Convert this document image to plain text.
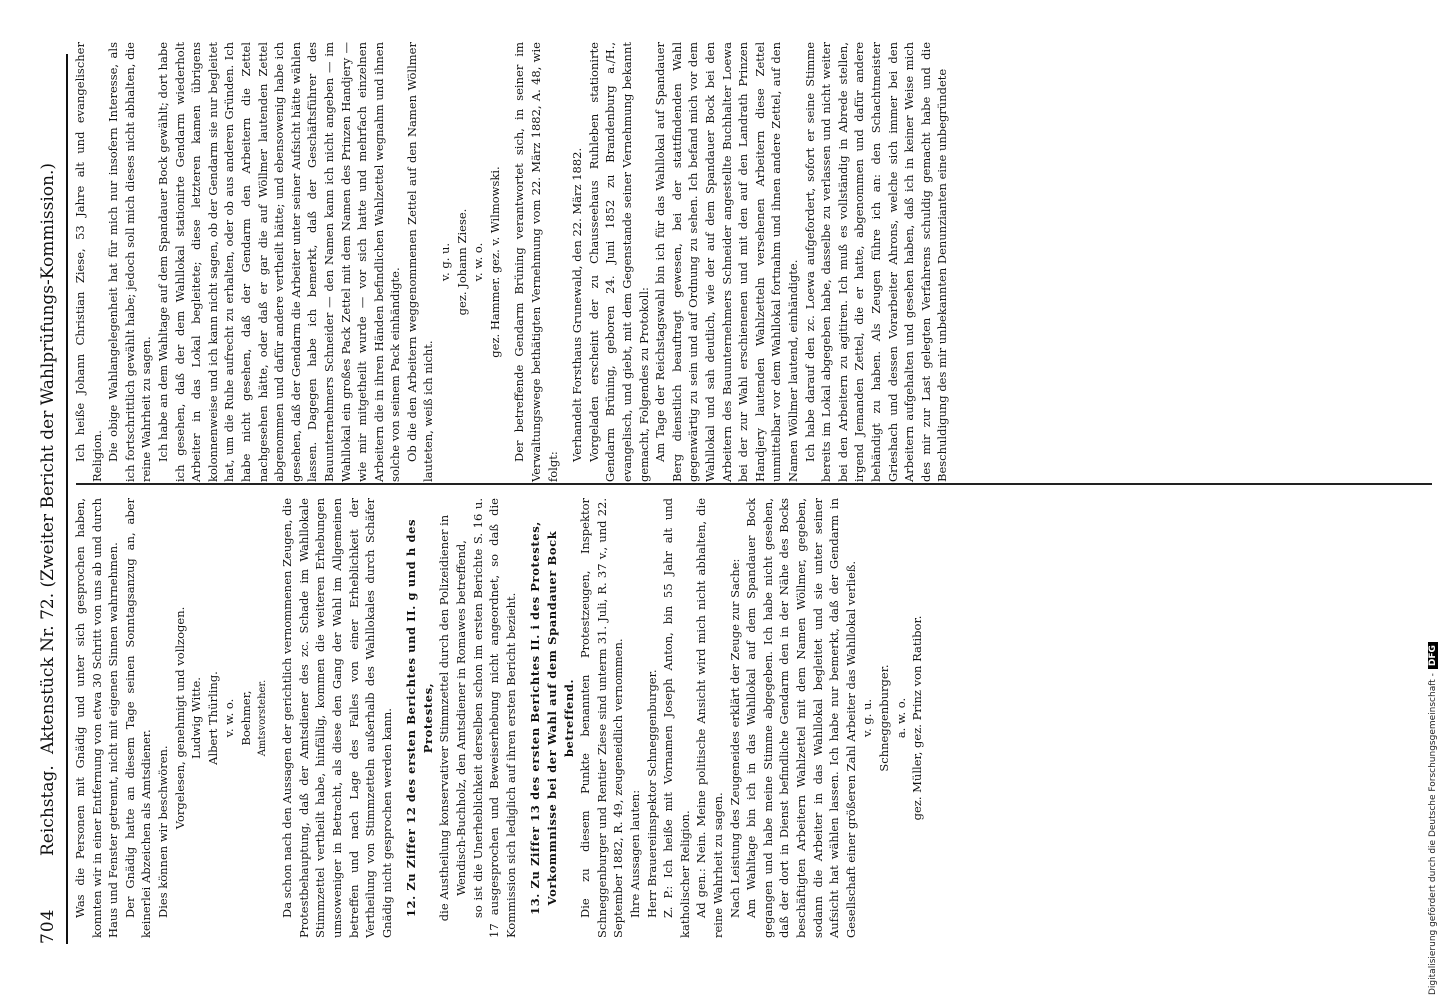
704
Reichstag.
Aktenstück Nr. 72. (Zweiter Bericht der Wahlprüfungs-Kommission.) Was die Personen mit Gnädig und unter sich gesprochen haben, konnten wir in einer Entfernung von etwa 30 Schritt von uns ab und durch Haus und Fenster getrennt, nicht mit eigenen Sinnen wahrnehmen. Der Gnädig hatte an diesem Tage seinen Sonntagsanzug an, aber keinerlei Abzeichen als Amtsdiener. Dies können wir beschwören.

Vorgelesen, genehmigt und vollzogen. Ludwig Witte. Albert Thürling. v. w. o. Boehmer, Amtsvorsteher.	Da schon nach den Aussagen der gerichtlich vernommenen Zeugen, die Protestbehauptung, daß der Amtsdiener des zc. Schade im Wahllokale Stimmzettel vertheilt habe, hinfällig, kommen die weiteren Erhebungen umsoweniger in Betracht, als diese den Gang der Wahl im Allgemeinen betreffen und nach Lage des Falles von einer Erheblichkeit der Vertheilung von Stimmzetteln außerhalb des Wahllokales durch Schäfer Gnädig nicht gesprochen werden kann. 12. Zu Ziffer 12 des ersten Berichtes und II. g und h des Protestes, die Austheilung konservativer Stimmzettel durch den Polizeidiener in Wendisch-Buchholz, den Amtsdiener in Romawes betreffend, so ist die Unerheblichkeit derselben schon im ersten Berichte S. 16 u. 17 ausgesprochen und Beweiserhebung nicht angeordnet, so daß die Kommission sich lediglich auf ihren ersten Bericht bezieht. 13. Zu Ziffer 13 des ersten Berichtes II. i des Protestes, Vorkommnisse bei der Wahl auf dem Spandauer Bock betreffend. Die zu diesem Punkte benannten Protestzeugen, Inspektor Schneggenburger und Rentier Ziese sind unterm 31. Juli, R. 37 v., und 22. September 1882, R. 49, zeugeneidlich vernommen. Ihre Aussagen lauten: Herr Brauereiinspektor Schneggenburger. Z. P.: Ich heiße mit Vornamen Joseph Anton, bin 55 Jahr alt und katholischer Religion. Ad gen.: Nein. Meine politische Ansicht wird mich nicht abhalten, die reine Wahrheit zu sagen. Nach Leistung des Zeugeneides erklärt der Zeuge zur Sache: Am Wahltage bin ich in das Wahllokal auf dem Spandauer Bock gegangen und habe meine Stimme abgegeben. Ich habe nicht gesehen, daß der dort in Dienst befindliche Gendarm den in der Nähe des Bocks beschäftigten Arbeitern Wahlzettel mit dem Namen Wöllmer, gegeben, sodann die Arbeiter in das Wahllokal begleitet und sie unter seiner Aufsicht hat wählen lassen. Ich habe nur bemerkt, daß der Gendarm in Gesellschaft einer größeren Zahl Arbeiter das Wahllokal verließ. v. g. u. Schneggenburger. a. w. o. gez. Müller, gez. Prinz von Ratibor.

Ich heiße Johann Christian Ziese, 53 Jahre alt und evangelischer Religion. Die obige Wahlangelegenheit hat für mich nur insofern Interesse, als ich fortschrittlich gewählt habe; jedoch soll mich dieses nicht abhalten, die reine Wahrheit zu sagen. Ich habe an dem Wahltage auf dem Spandauer Bock gewählt; dort habe ich gesehen, daß der dem Wahllokal stationirte Gendarm wiederholt Arbeiter in das Lokal begleitete; diese letzteren kamen übrigens kolonnenweise und ich kann nicht sagen, ob der Gendarm sie nur begleitet hat, um die Ruhe aufrecht zu erhalten, oder ob aus anderen Gründen. Ich habe nicht gesehen, daß der Gendarm den Arbeitern die Zettel nachgesehen hätte, oder daß er gar die auf Wöllmer lautenden Zettel abgenommen und dafür andere vertheilt hätte; und ebensowenig habe ich gesehen, daß der Gendarm die Arbeiter unter seiner Aufsicht hätte wählen lassen. Dagegen habe ich bemerkt, daß der Geschäftsführer des Bauunternehmers Schneider — den Namen kann ich nicht angeben — im Wahllokal ein großes Pack Zettel mit dem Namen des Prinzen Handjery — wie mir mitgetheilt wurde — vor sich hatte und mehrfach einzelnen Arbeitern die in ihren Händen befindlichen Wahlzettel wegnahm und ihnen solche von seinem Pack einhändigte. Ob die den Arbeitern weggenommenen Zettel auf den Namen Wöllmer lauteten, weiß ich nicht.

v. g. u. gez. Johann Ziese. v. w. o. gez. Hammer. gez. v. Wilmowski. Der betreffende Gendarm Brüning verantwortet sich, in seiner im Verwaltungswege bethätigten Vernehmung vom 22. März 1882, A. 48, wie folgt:

Verhandelt Forsthaus Grunewald, den 22. März 1882. Vorgeladen erscheint der zu Chausseehaus Ruhleben stationirte Gendarm Brüning, geboren 24. Juni 1852 zu Brandenburg a./H., evangelisch, und giebt, mit dem Gegenstande seiner Vernehmung bekannt gemacht, Folgendes zu Protokoll: Am Tage der Reichstagswahl bin ich für das Wahllokal auf Spandauer Berg dienstlich beauftragt gewesen, bei der stattfindenden Wahl gegenwärtig zu sein und auf Ordnung zu sehen. Ich befand mich vor dem Wahllokal und sah deutlich, wie der auf dem Spandauer Bock bei den Arbeitern des Bauunternehmers Schneider angestellte Buchhalter Loewa bei der zur Wahl erschienenen und mit den auf den Landrath Prinzen Handjery lautenden Wahlzetteln versehenen Arbeitern diese Zettel unmittelbar vor dem Wahllokal fortnahm und ihnen andere Zettel, auf den Namen Wöllmer lautend, einhändigte. Ich habe darauf den zc. Loewa aufgefordert, sofort er seine Stimme bereits im Lokal abgegeben habe, dasselbe zu verlassen und nicht weiter bei den Arbeitern zu agitiren. Ich muß es vollständig in Abrede stellen, irgend Jemanden Zettel, die er hatte, abgenommen und dafür andere behändigt zu haben. Als Zeugen führe ich an: den Schachtmeister Grieshach und dessen Vorarbeiter Ahrons, welche sich immer bei den Arbeitern aufgehalten und gesehen haben, daß ich in keiner Weise mich des mir zur Last gelegten Verfahrens schuldig gemacht habe und die Beschuldigung des mir unbekannten Denunzianten eine unbegründete

Digitalisierung gefördert durch die Deutsche Forschungsgemeinschaft -DFG
